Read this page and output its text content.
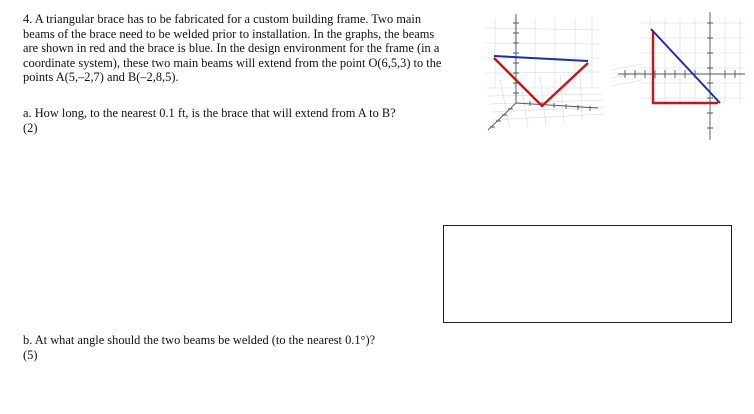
4. A triangular brace has to be fabricated for a custom building frame. Two main beams of the brace need to be welded prior to installation. In the graphs, the beams are shown in red and the brace is blue. In the design environment for the frame (in a coordinate system), these two main beams will extend from the point O(6,5,3) to the points A(5,–2,7) and B(–2,8,5).

a. How long, to the nearest 0.1 ft, is the brace that will extend from A to B?

(2)

b. At what angle should the two beams be welded (to the nearest 0.1°)?

(5)
